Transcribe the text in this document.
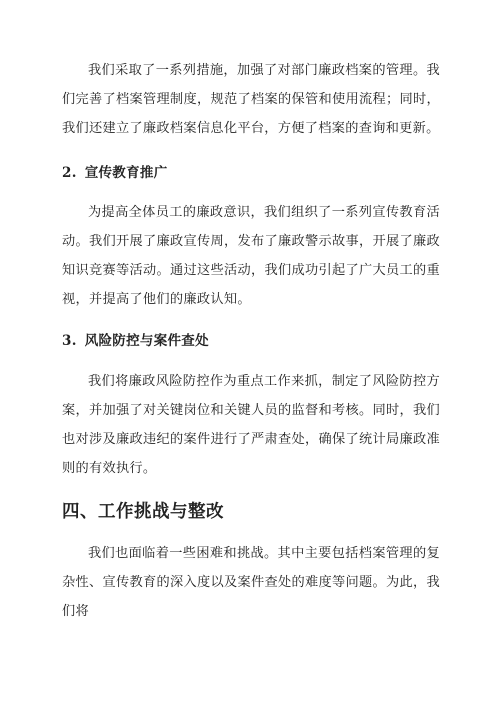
我们采取了一系列措施，加强了对部门廉政档案的管理。我们完善了档案管理制度，规范了档案的保管和使用流程；同时，我们还建立了廉政档案信息化平台，方便了档案的查询和更新。

2. 宣传教育推广

为提高全体员工的廉政意识，我们组织了一系列宣传教育活动。我们开展了廉政宣传周，发布了廉政警示故事，开展了廉政知识竞赛等活动。通过这些活动，我们成功引起了广大员工的重视，并提高了他们的廉政认知。

3. 风险防控与案件查处

我们将廉政风险防控作为重点工作来抓，制定了风险防控方案，并加强了对关键岗位和关键人员的监督和考核。同时，我们也对涉及廉政违纪的案件进行了严肃查处，确保了统计局廉政准则的有效执行。

四、工作挑战与整改

我们也面临着一些困难和挑战。其中主要包括档案管理的复杂性、宣传教育的深入度以及案件查处的难度等问题。为此，我们将
